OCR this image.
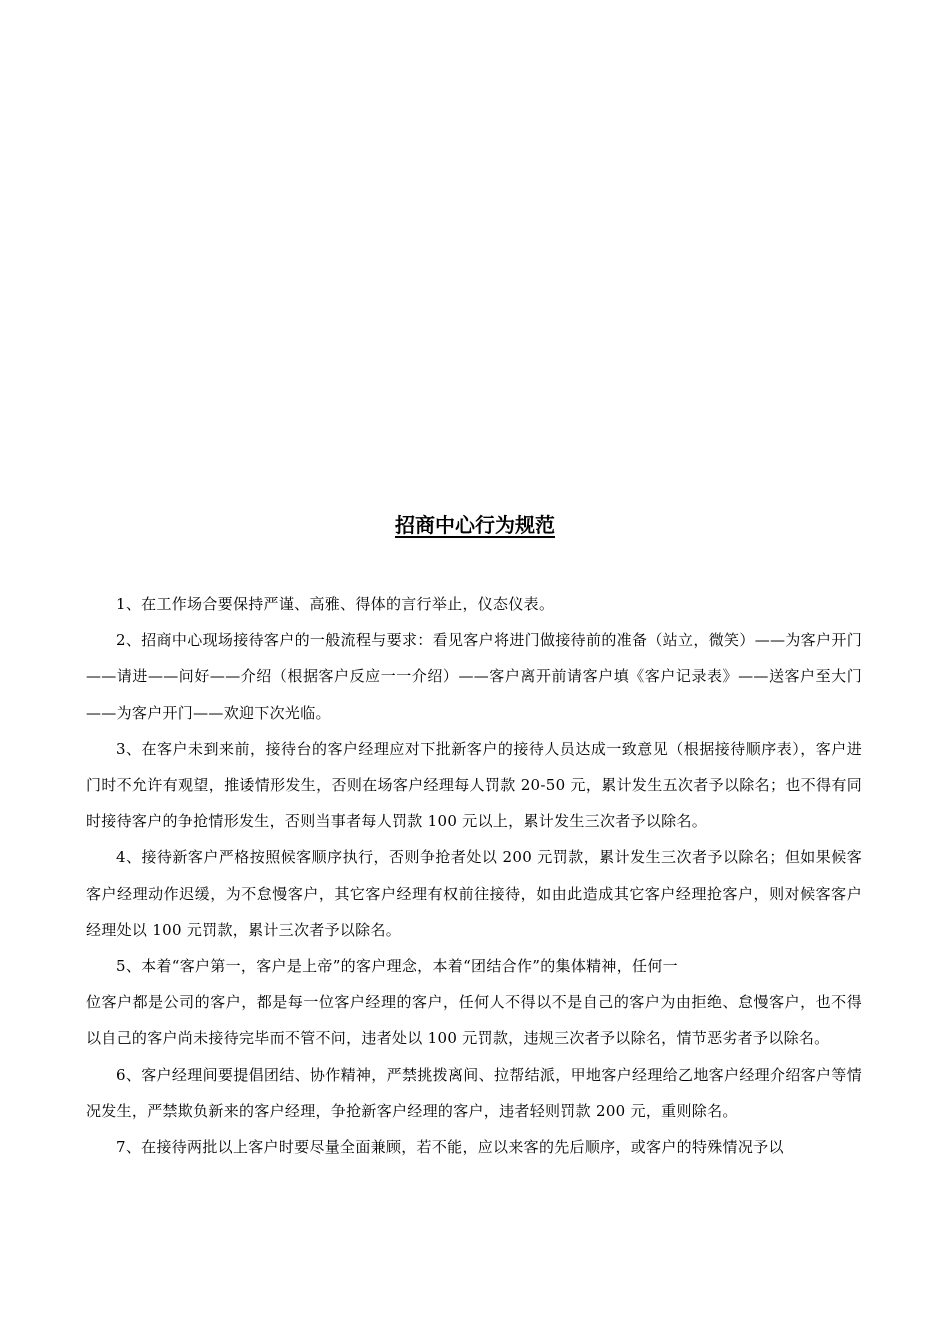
招商中心行为规范

1、在工作场合要保持严谨、高雅、得体的言行举止，仪态仪表。

2、招商中心现场接待客户的一般流程与要求：看见客户将进门做接待前的准备（站立，微笑）——为客户开门——请进——问好——介绍（根据客户反应一一介绍）——客户离开前请客户填《客户记录表》——送客户至大门——为客户开门——欢迎下次光临。

3、在客户未到来前，接待台的客户经理应对下批新客户的接待人员达成一致意见（根据接待顺序表），客户进门时不允许有观望，推诿情形发生，否则在场客户经理每人罚款 20-50 元，累计发生五次者予以除名；也不得有同时接待客户的争抢情形发生，否则当事者每人罚款 100 元以上，累计发生三次者予以除名。

4、接待新客户严格按照候客顺序执行，否则争抢者处以 200 元罚款，累计发生三次者予以除名；但如果候客客户经理动作迟缓，为不怠慢客户，其它客户经理有权前往接待，如由此造成其它客户经理抢客户，则对候客客户经理处以 100 元罚款，累计三次者予以除名。

5、本着“客户第一，客户是上帝”的客户理念，本着“团结合作”的集体精神，任何一

位客户都是公司的客户，都是每一位客户经理的客户，任何人不得以不是自己的客户为由拒绝、怠慢客户，也不得以自己的客户尚未接待完毕而不管不问，违者处以 100 元罚款，违规三次者予以除名，情节恶劣者予以除名。

6、客户经理间要提倡团结、协作精神，严禁挑拨离间、拉帮结派，甲地客户经理给乙地客户经理介绍客户等情况发生，严禁欺负新来的客户经理，争抢新客户经理的客户，违者轻则罚款 200 元，重则除名。

7、在接待两批以上客户时要尽量全面兼顾，若不能，应以来客的先后顺序，或客户的特殊情况予以
